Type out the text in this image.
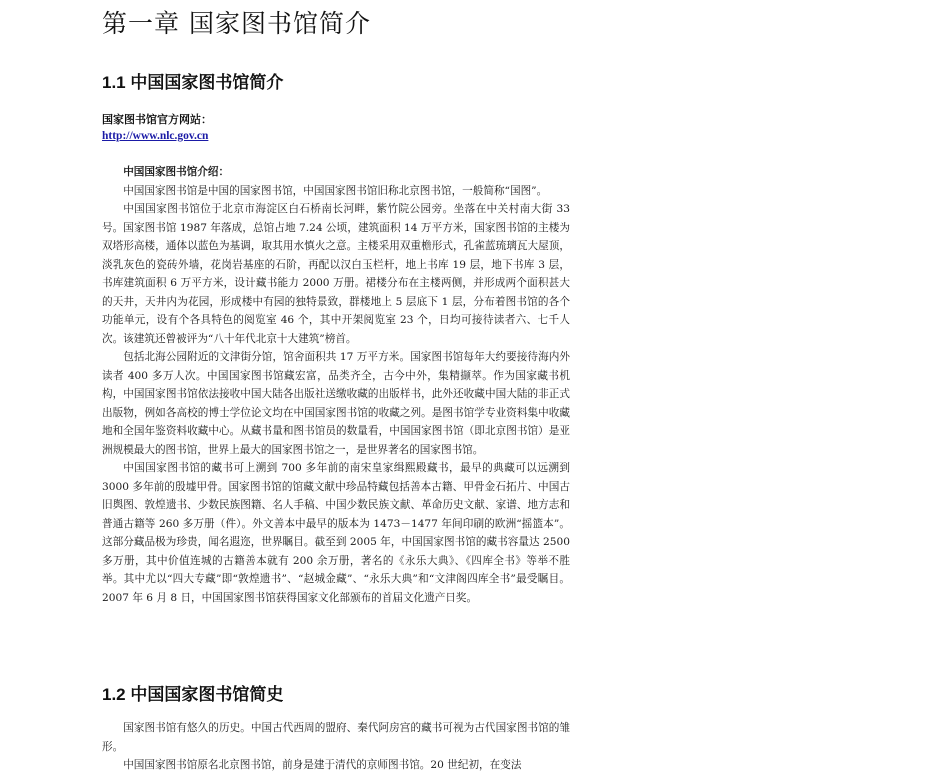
第一章 国家图书馆简介
1.1 中国国家图书馆简介
国家图书馆官方网站：
http://www.nlc.gov.cn

中国国家图书馆介绍：

中国国家图书馆是中国的国家图书馆，中国国家图书馆旧称北京图书馆，一般简称“国图”。

中国国家图书馆位于北京市海淀区白石桥南长河畔，紫竹院公园旁。坐落在中关村南大街 33 号。国家图书馆 1987 年落成，总馆占地 7.24 公顷，建筑面积 14 万平方米，国家图书馆的主楼为双塔形高楼，通体以蓝色为基调，取其用水慎火之意。主楼采用双重檐形式，孔雀蓝琉璃瓦大屋顶，淡乳灰色的瓷砖外墙，花岗岩基座的石阶，再配以汉白玉栏杆，地上书库 19 层，地下书库 3 层，书库建筑面积 6 万平方米，设计藏书能力 2000 万册。裙楼分布在主楼两侧，并形成两个面积甚大的天井，天井内为花园，形成楼中有园的独特景致，群楼地上 5 层底下 1 层，分布着图书馆的各个功能单元，设有个各具特色的阅览室 46 个，其中开架阅览室 23 个，日均可接待读者六、七千人次。该建筑还曾被评为“八十年代北京十大建筑”榜首。

包括北海公园附近的文津街分馆，馆舍面积共 17 万平方米。国家图书馆每年大约要接待海内外读者 400 多万人次。中国国家图书馆藏宏富，品类齐全，古今中外，集精撷萃。作为国家藏书机构，中国国家图书馆依法接收中国大陆各出版社送缴收藏的出版样书，此外还收藏中国大陆的非正式出版物，例如各高校的博士学位论文均在中国国家图书馆的收藏之列。是图书馆学专业资料集中收藏地和全国年鉴资料收藏中心。从藏书量和图书馆员的数量看，中国国家图书馆（即北京图书馆）是亚洲规模最大的图书馆，世界上最大的国家图书馆之一，是世界著名的国家图书馆。

中国国家图书馆的藏书可上溯到 700 多年前的南宋皇家缉熙殿藏书，最早的典藏可以远溯到 3000 多年前的殷墟甲骨。国家图书馆的馆藏文献中珍品特藏包括善本古籍、甲骨金石拓片、中国古旧舆图、敦煌遗书、少数民族图籍、名人手稿、中国少数民族文献、革命历史文献、家谱、地方志和普通古籍等 260 多万册（件）。外文善本中最早的版本为 1473－1477 年间印刷的欧洲“摇篮本”。这部分藏品极为珍贵，闻名遐迩，世界瞩目。截至到 2005 年，中国国家图书馆的藏书容量达 2500 多万册，其中价值连城的古籍善本就有 200 余万册，著名的《永乐大典》、《四库全书》等举不胜举。其中尤以“四大专藏”即“敦煌遗书”、“赵城金藏”、“永乐大典”和“文津阁四库全书”最受瞩目。2007 年 6 月 8 日，中国国家图书馆获得国家文化部颁布的首届文化遗产日奖。

1.2 中国国家图书馆简史

国家图书馆有悠久的历史。中国古代西周的盟府、秦代阿房宫的藏书可视为古代国家图书馆的雏形。

中国国家图书馆原名北京图书馆，前身是建于清代的京师图书馆。20 世纪初，在变法
